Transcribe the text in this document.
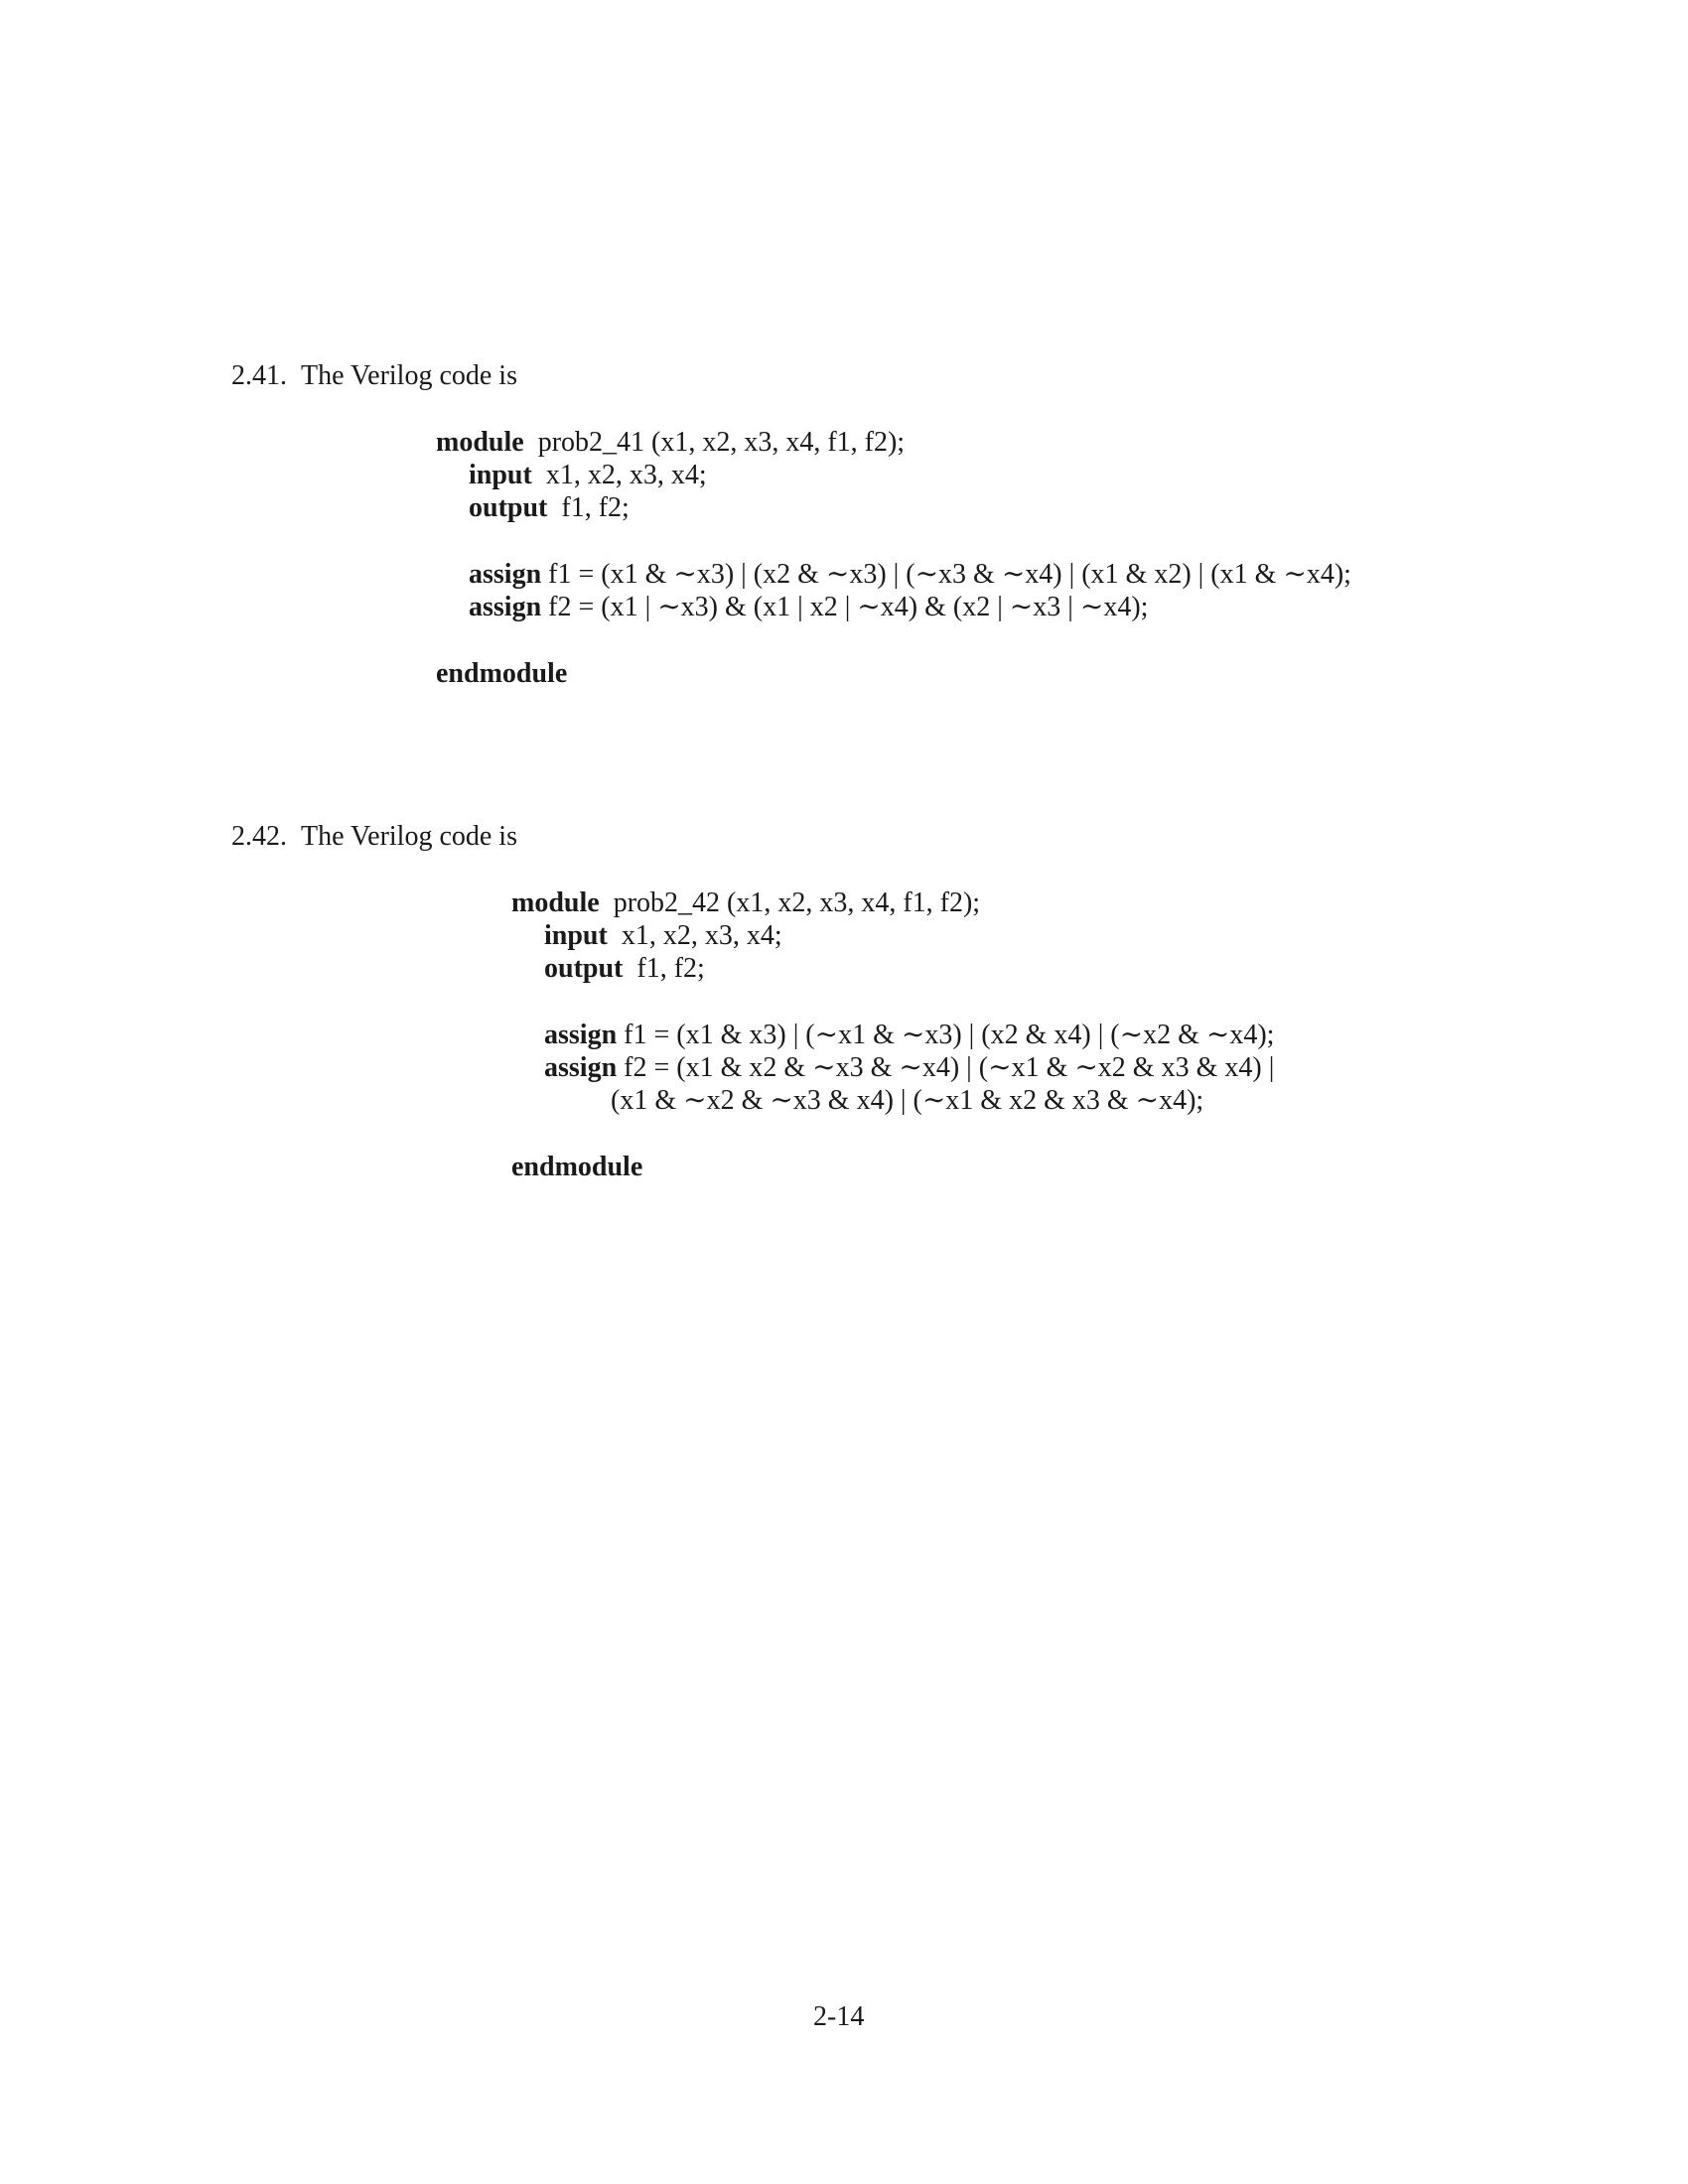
2.41. The Verilog code is

module prob2_41 (x1, x2, x3, x4, f1, f2);

input x1, x2, x3, x4;

output f1, f2;

assign f1 = (x1 & ∼x3) | (x2 & ∼x3) | (∼x3 & ∼x4) | (x1 & x2) | (x1 & ∼x4);

assign f2 = (x1 | ∼x3) & (x1 | x2 | ∼x4) & (x2 | ∼x3 | ∼x4);

endmodule

2.42. The Verilog code is

module prob2_42 (x1, x2, x3, x4, f1, f2);

input x1, x2, x3, x4;

output f1, f2;

assign f1 = (x1 & x3) | (∼x1 & ∼x3) | (x2 & x4) | (∼x2 & ∼x4);

assign f2 = (x1 & x2 & ∼x3 & ∼x4) | (∼x1 & ∼x2 & x3 & x4) |

(x1 & ∼x2 & ∼x3 & x4) | (∼x1 & x2 & x3 & ∼x4);

endmodule

2-14
